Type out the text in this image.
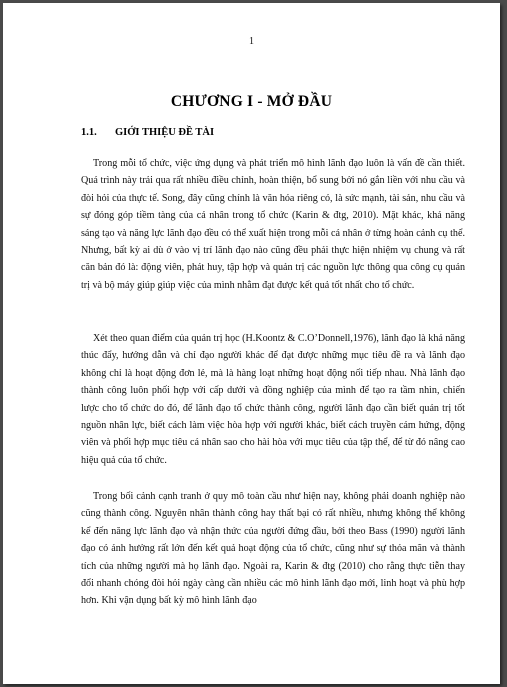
1
CHƯƠNG I - MỞ ĐẦU
1.1. GIỚI THIỆU ĐỀ TÀI

Trong mỗi tổ chức, việc ứng dụng và phát triển mô hình lãnh đạo luôn là vấn đề cần thiết. Quá trình này trải qua rất nhiều điều chỉnh, hoàn thiện, bổ sung bởi nó gắn liền với nhu cầu và đòi hỏi của thực tế. Song, đây cũng chính là văn hóa riêng có, là sức mạnh, tài sản, nhu cầu và sự đóng góp tiềm tàng của cá nhân trong tổ chức (Karin & đtg, 2010). Mặt khác, khả năng sáng tạo và năng lực lãnh đạo đều có thể xuất hiện trong mỗi cá nhân ở từng hoàn cảnh cụ thể. Nhưng, bất kỳ ai dù ở vào vị trí lãnh đạo nào cũng đều phải thực hiện nhiệm vụ chung và rất căn bản đó là: động viên, phát huy, tập hợp và quản trị các nguồn lực thông qua công cụ quản trị và bộ máy giúp giúp việc của mình nhằm đạt được kết quả tốt nhất cho tổ chức.

Xét theo quan điểm của quản trị học (H.Koontz & C.O’Donnell,1976), lãnh đạo là khả năng thúc đẩy, hướng dẫn và chỉ đạo người khác để đạt được những mục tiêu đề ra và lãnh đạo không chỉ là hoạt động đơn lẻ, mà là hàng loạt những hoạt động nối tiếp nhau. Nhà lãnh đạo thành công luôn phối hợp với cấp dưới và đồng nghiệp của mình để tạo ra tầm nhìn, chiến lược cho tổ chức do đó, để lãnh đạo tổ chức thành công, người lãnh đạo cần biết quản trị tốt nguồn nhân lực, biết cách làm việc hòa hợp với người khác, biết cách truyền cảm hứng, động viên và phối hợp mục tiêu cá nhân sao cho hài hòa với mục tiêu của tập thể, để từ đó nâng cao hiệu quả của tổ chức.

Trong bối cảnh cạnh tranh ở quy mô toàn cầu như hiện nay, không phải doanh nghiệp nào cũng thành công. Nguyên nhân thành công hay thất bại có rất nhiều, nhưng không thể không kể đến năng lực lãnh đạo và nhận thức của người đứng đầu, bởi theo Bass (1990) người lãnh đạo có ảnh hưởng rất lớn đến kết quả hoạt động của tổ chức, cũng như sự thỏa mãn và thành tích của những người mà họ lãnh đạo. Ngoài ra, Karin & đtg (2010) cho rằng thực tiễn thay đổi nhanh chóng đòi hỏi ngày càng cần nhiều các mô hình lãnh đạo mới, linh hoạt và phù hợp hơn. Khi vận dụng bất kỳ mô hình lãnh đạo
